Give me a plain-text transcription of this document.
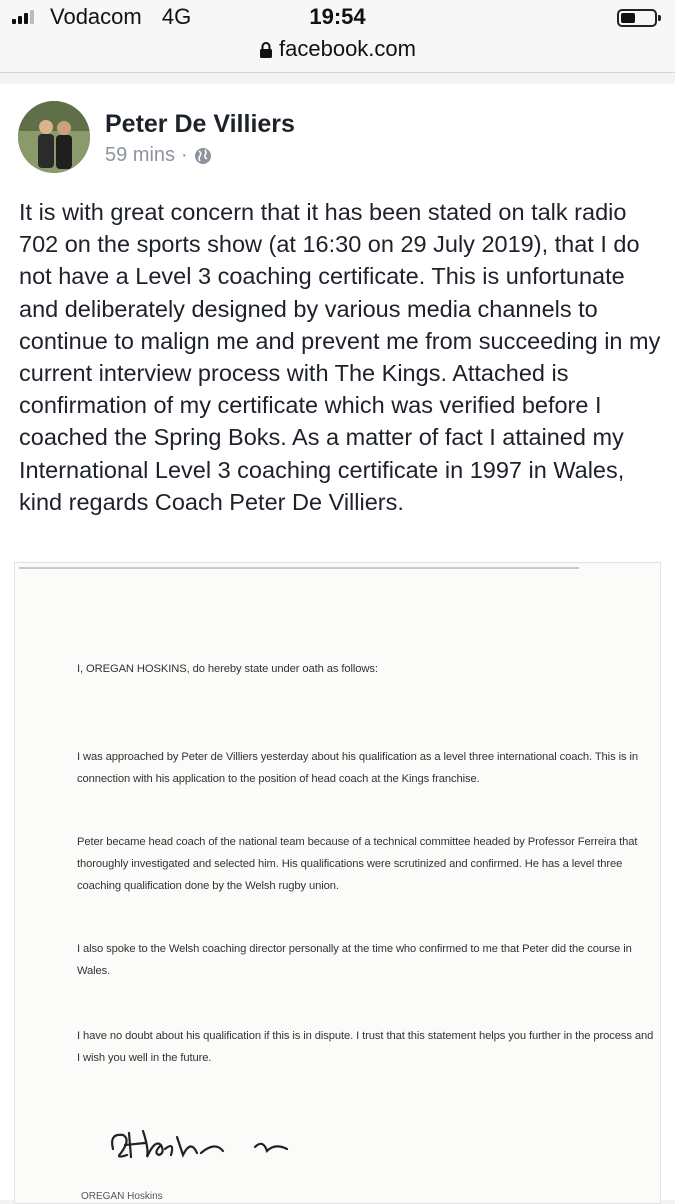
Vodacom 4G	19:54
facebook.com
Peter De Villiers
59 mins ·
It is with great concern that it has been stated on talk radio 702 on the sports show (at 16:30 on 29 July 2019), that I do not have a Level 3 coaching certificate. This is unfortunate and deliberately designed by various media channels to continue to malign me and prevent me from succeeding in my current interview process with The Kings. Attached is confirmation of my certificate which was verified before I coached the Spring Boks. As a matter of fact I attained my International Level 3 coaching certificate in 1997 in Wales, kind regards Coach Peter De Villiers.
I, OREGAN HOSKINS, do hereby state under oath as follows:
I was approached by Peter de Villiers yesterday about his qualification as a level three international coach. This is in connection with his application to the position of head coach at the Kings franchise.
Peter became head coach of the national team because of a technical committee headed by Professor Ferreira that thoroughly investigated and selected him. His qualifications were scrutinized and confirmed. He has a level three coaching qualification done by the Welsh rugby union.
I also spoke to the Welsh coaching director personally at the time who confirmed to me that Peter did the course in Wales.
I have no doubt about his qualification if this is in dispute. I trust that this statement helps you further in the process and I wish you well in the future.
OREGAN Hoskins
